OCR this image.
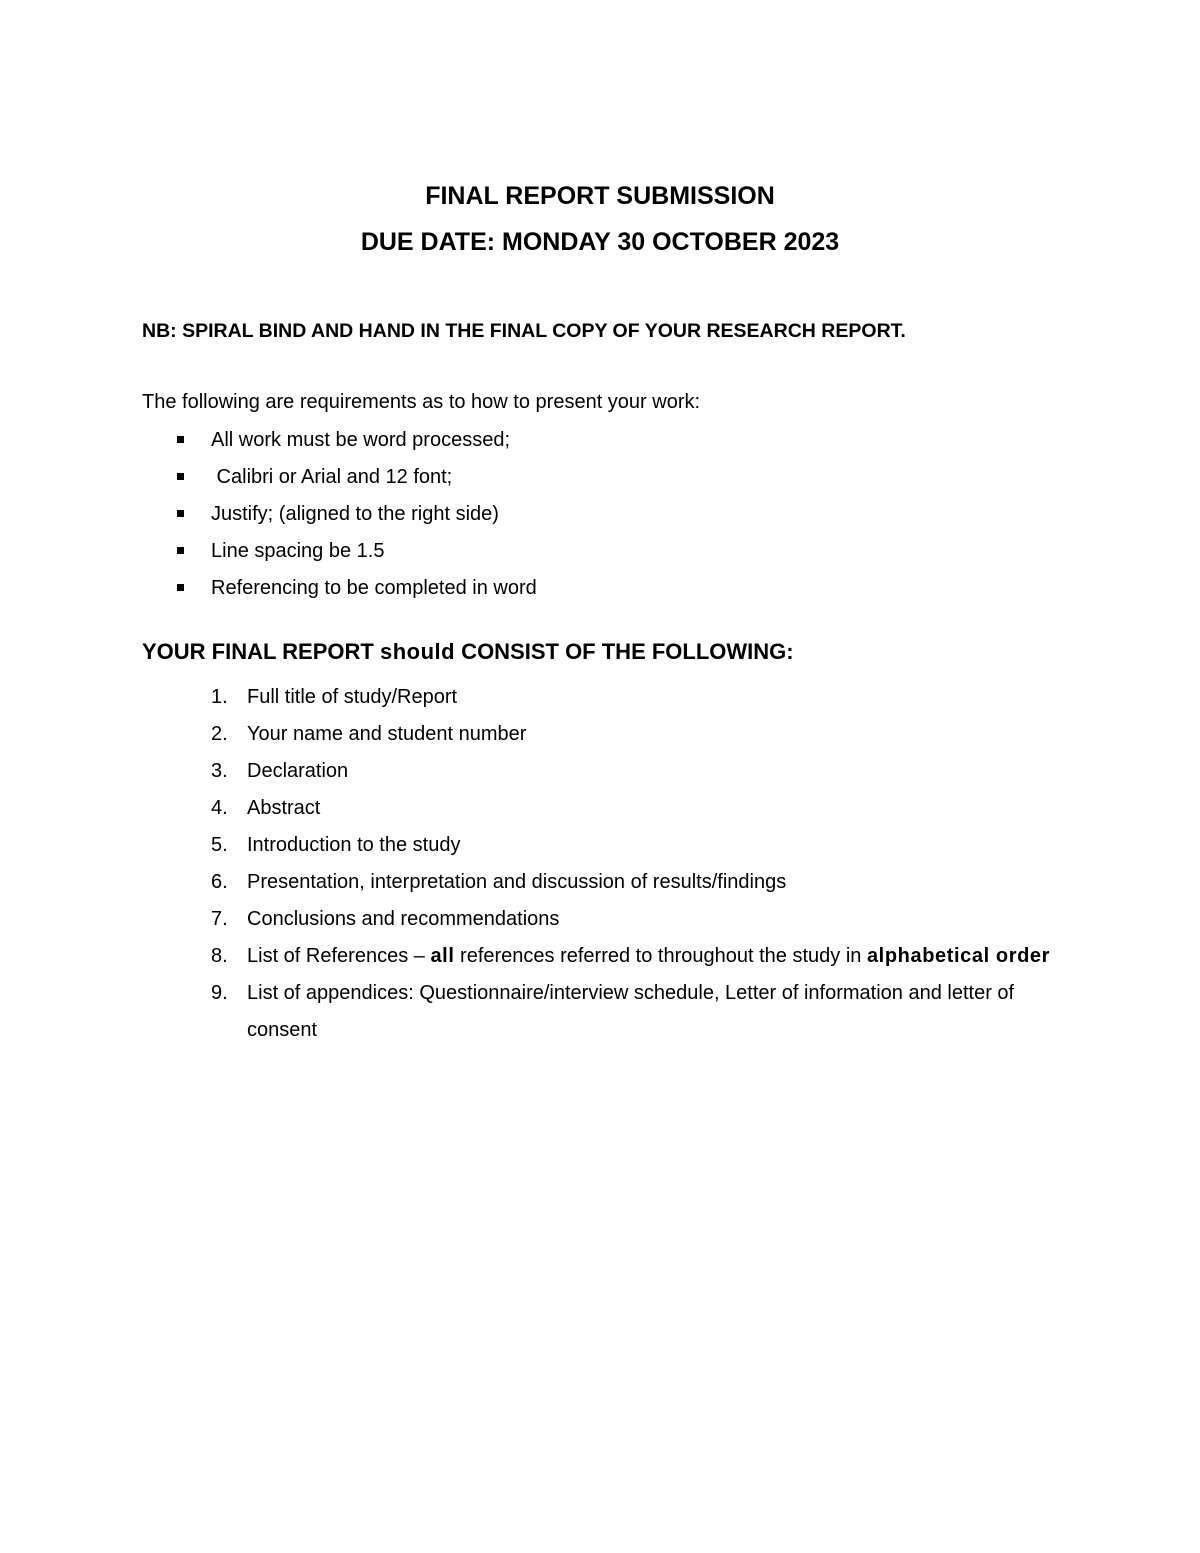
FINAL REPORT SUBMISSION
DUE DATE: MONDAY 30 OCTOBER 2023

NB: SPIRAL BIND AND HAND IN THE FINAL COPY OF YOUR RESEARCH REPORT.

The following are requirements as to how to present your work:

All work must be word processed;
Calibri or Arial and 12 font;
Justify; (aligned to the right side)
Line spacing be 1.5
Referencing to be completed in word
YOUR FINAL REPORT should CONSIST OF THE FOLLOWING:
1. Full title of study/Report
2. Your name and student number
3. Declaration
4. Abstract
5. Introduction to the study
6. Presentation, interpretation and discussion of results/findings
7. Conclusions and recommendations
8. List of References – all references referred to throughout the study in alphabetical order
9. List of appendices: Questionnaire/interview schedule, Letter of information and letter of consent
